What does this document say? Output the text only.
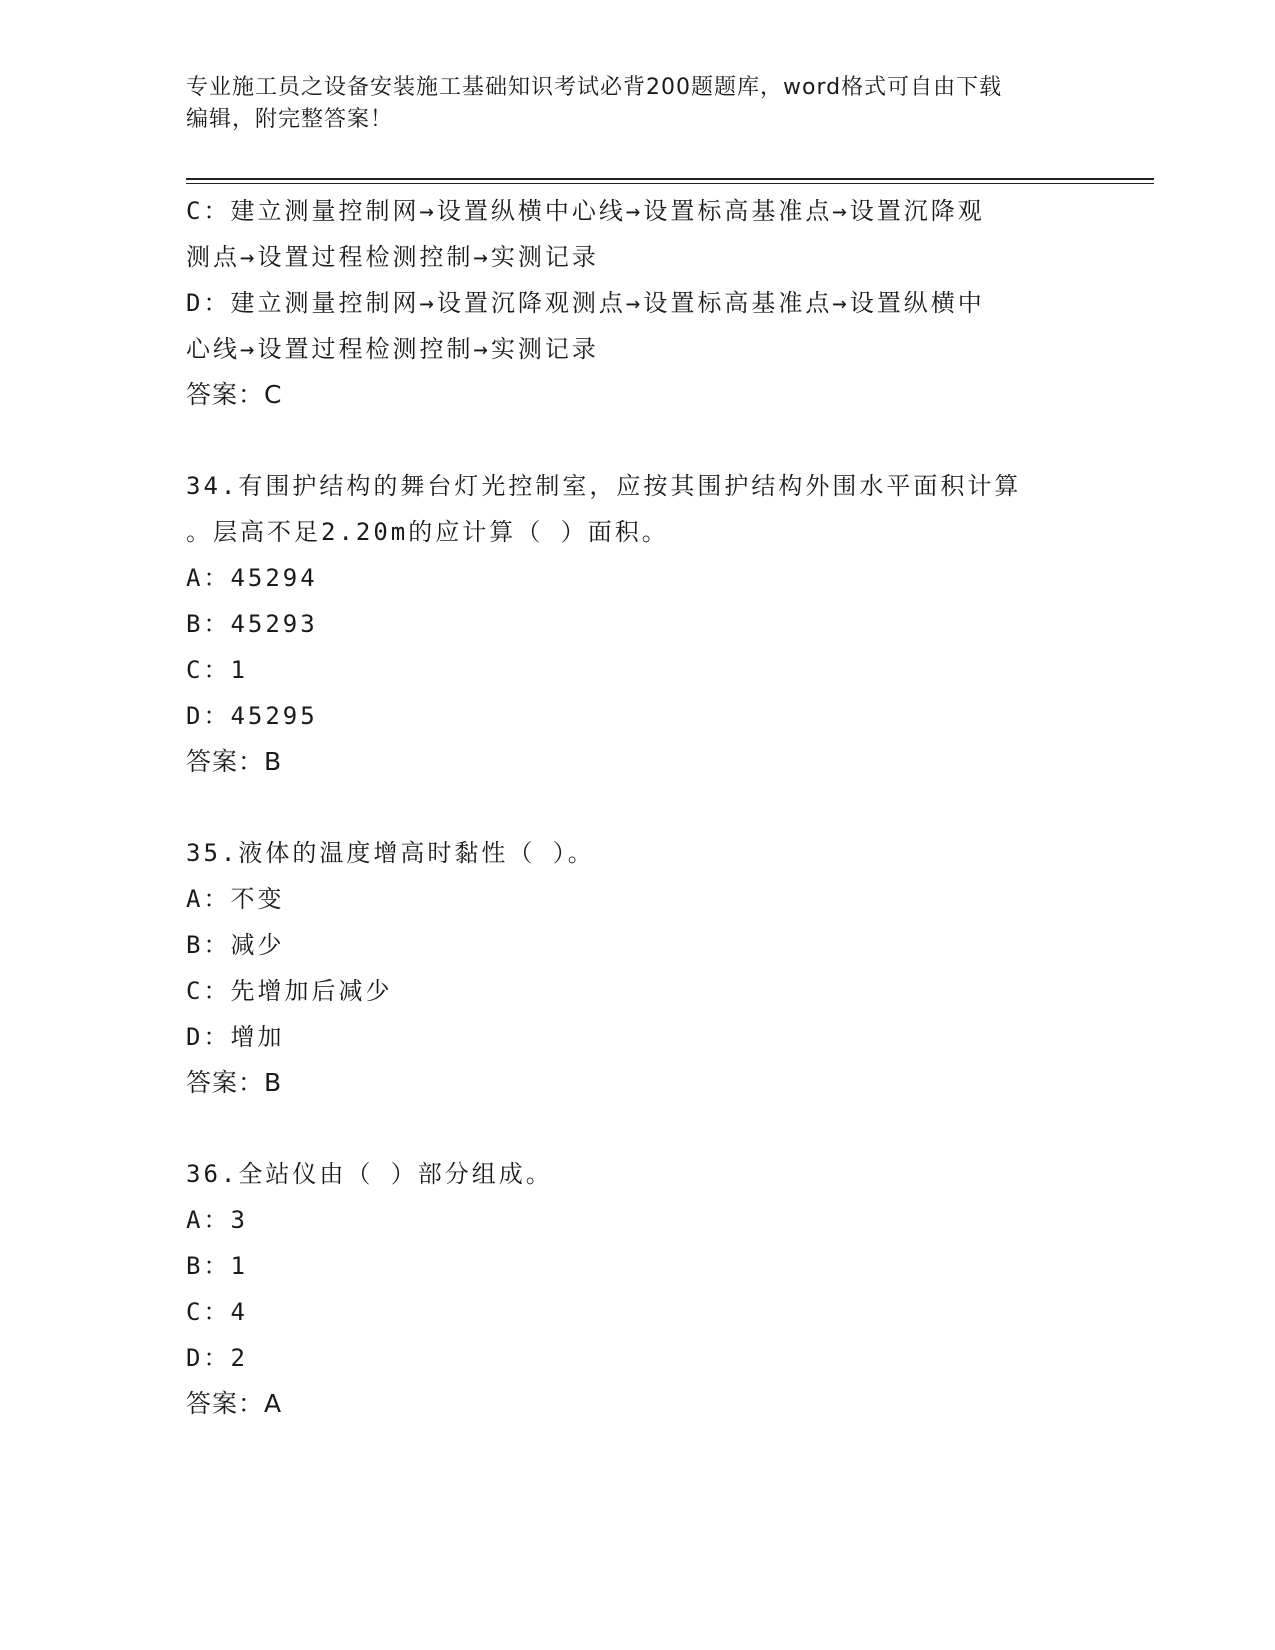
专业施工员之设备安装施工基础知识考试必背200题题库，word格式可自由下载
编辑，附完整答案！
C：建立测量控制网→设置纵横中心线→设置标高基准点→设置沉降观
测点→设置过程检测控制→实测记录
D：建立测量控制网→设置沉降观测点→设置标高基准点→设置纵横中
心线→设置过程检测控制→实测记录
答案：C
34.有围护结构的舞台灯光控制室，应按其围护结构外围水平面积计算
。层高不足2.20m的应计算（ ）面积。
A：45294
B：45293
C：1
D：45295
答案：B
35.液体的温度增高时黏性（ ）。
A：不变
B：减少
C：先增加后减少
D：增加
答案：B
36.全站仪由（ ）部分组成。
A：3
B：1
C：4
D：2
答案：A
